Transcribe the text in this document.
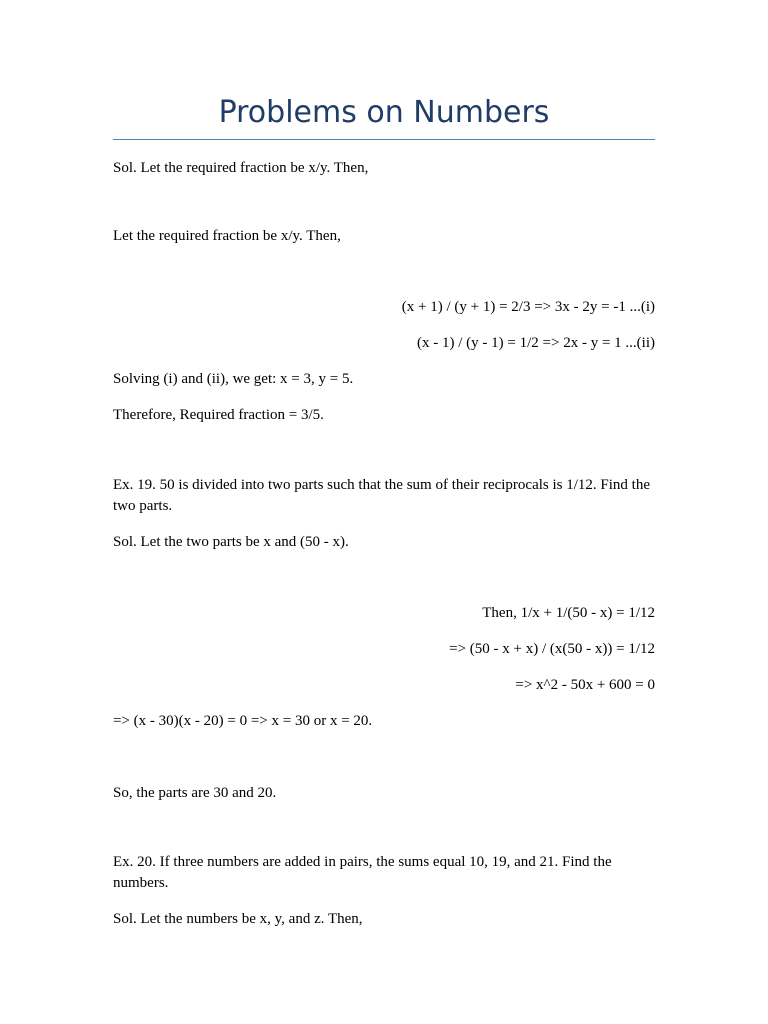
Problems on Numbers

Sol. Let the required fraction be x/y. Then,

Let the required fraction be x/y. Then,

(x + 1) / (y + 1) = 2/3 => 3x - 2y = -1 ...(i)

(x - 1) / (y - 1) = 1/2 => 2x - y = 1 ...(ii)

Solving (i) and (ii), we get: x = 3, y = 5.

Therefore, Required fraction = 3/5.

Ex. 19. 50 is divided into two parts such that the sum of their reciprocals is 1/12. Find the two parts.

Sol. Let the two parts be x and (50 - x).

Then, 1/x + 1/(50 - x) = 1/12

=> (50 - x + x) / (x(50 - x)) = 1/12

=> x^2 - 50x + 600 = 0

=> (x - 30)(x - 20) = 0 => x = 30 or x = 20.

So, the parts are 30 and 20.

Ex. 20. If three numbers are added in pairs, the sums equal 10, 19, and 21. Find the numbers.

Sol. Let the numbers be x, y, and z. Then,
